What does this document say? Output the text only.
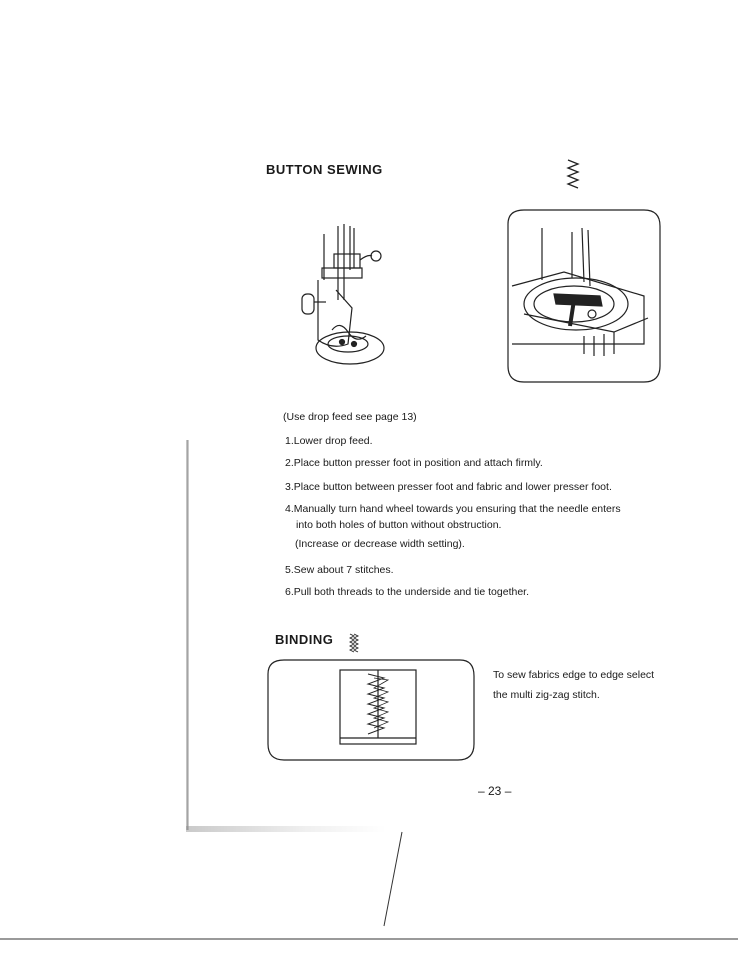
BUTTON SEWING
(Use drop feed see page 13)
1.Lower drop feed.
2.Place button presser foot in position and attach firmly.
3.Place button between presser foot and fabric and lower presser foot.
4.Manually turn hand wheel towards you ensuring that the needle enters
into both holes of button without obstruction.
(Increase or decrease width setting).
5.Sew about 7 stitches.
6.Pull both threads to the underside and tie together.
BINDING
To sew fabrics edge to edge select
the multi zig-zag stitch.
– 23 –
